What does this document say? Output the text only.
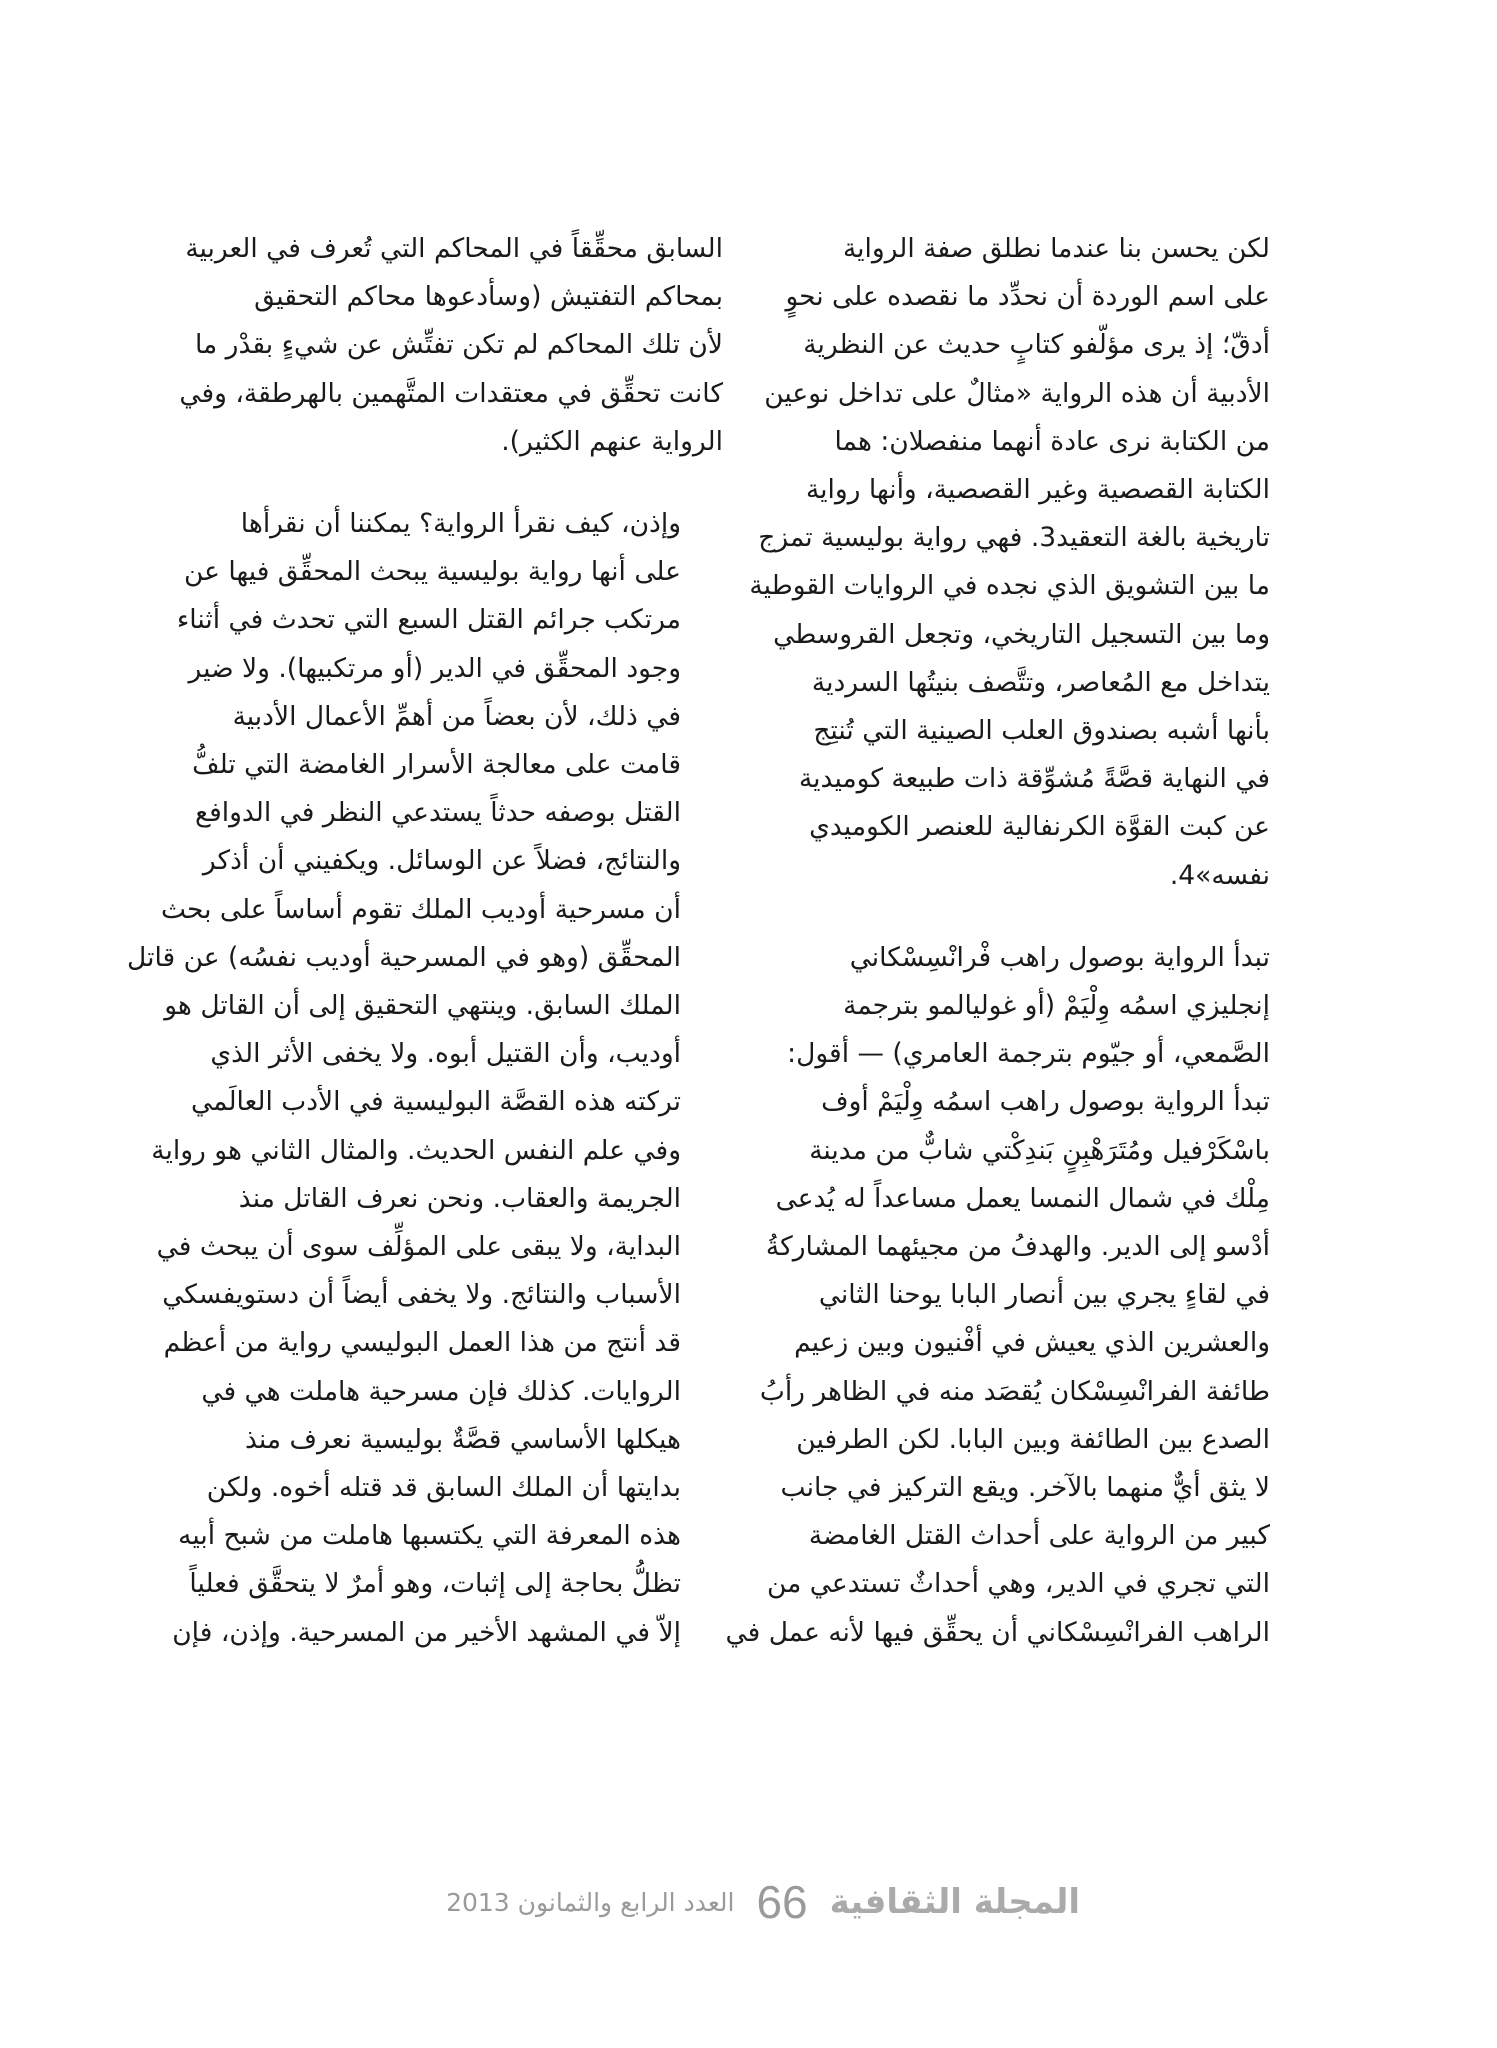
لكن يحسن بنا عندما نطلق صفة الرواية
على اسم الوردة أن نحدِّد ما نقصده على نحوٍ
أدقّ؛ إذ يرى مؤلّفو كتابٍ حديث عن النظرية
الأدبية أن هذه الرواية «مثالٌ على تداخل نوعين
من الكتابة نرى عادة أنهما منفصلان: هما
الكتابة القصصية وغير القصصية، وأنها رواية
تاريخية بالغة التعقيد3. فهي رواية بوليسية تمزج
ما بين التشويق الذي نجده في الروايات القوطية
وما بين التسجيل التاريخي، وتجعل القروسطي
يتداخل مع المُعاصر، وتتَّصف بنيتُها السردية
بأنها أشبه بصندوق العلب الصينية التي تُنتِج
في النهاية قصَّةً مُشوِّقة ذات طبيعة كوميدية
عن كبت القوَّة الكرنفالية للعنصر الكوميدي
نفسه»4.

تبدأ الرواية بوصول راهب فْرانْسِسْكاني
إنجليزي اسمُه وِلْيَمْ (أو غوليالمو بترجمة
الصَّمعي، أو جيّوم بترجمة العامري) — أقول:
تبدأ الرواية بوصول راهب اسمُه وِلْيَمْ أوف
باسْكَرْفيل ومُتَرَهْبِنٍ بَندِكْتي شابٌّ من مدينة
مِلْك في شمال النمسا يعمل مساعداً له يُدعى
أدْسو إلى الدير. والهدفُ من مجيئهما المشاركةُ
في لقاءٍ يجري بين أنصار البابا يوحنا الثاني
والعشرين الذي يعيش في أفْنيون وبين زعيم
طائفة الفرانْسِسْكان يُقصَد منه في الظاهر رأبُ
الصدع بين الطائفة وبين البابا. لكن الطرفين
لا يثق أيٌّ منهما بالآخر. ويقع التركيز في جانب
كبير من الرواية على أحداث القتل الغامضة
التي تجري في الدير، وهي أحداثٌ تستدعي من
الراهب الفرانْسِسْكاني أن يحقِّق فيها لأنه عمل في

السابق محقِّقاً في المحاكم التي تُعرف في العربية
بمحاكم التفتيش (وسأدعوها محاكم التحقيق
لأن تلك المحاكم لم تكن تفتِّش عن شيءٍ بقدْر ما
كانت تحقِّق في معتقدات المتَّهمين بالهرطقة، وفي
الرواية عنهم الكثير).

وإذن، كيف نقرأ الرواية؟ يمكننا أن نقرأها
على أنها رواية بوليسية يبحث المحقِّق فيها عن
مرتكب جرائم القتل السبع التي تحدث في أثناء
وجود المحقِّق في الدير (أو مرتكبيها). ولا ضير
في ذلك، لأن بعضاً من أهمِّ الأعمال الأدبية
قامت على معالجة الأسرار الغامضة التي تلفُّ
القتل بوصفه حدثاً يستدعي النظر في الدوافع
والنتائج، فضلاً عن الوسائل. ويكفيني أن أذكر
أن مسرحية أوديب الملك تقوم أساساً على بحث
المحقِّق (وهو في المسرحية أوديب نفسُه) عن قاتل
الملك السابق. وينتهي التحقيق إلى أن القاتل هو
أوديب، وأن القتيل أبوه. ولا يخفى الأثر الذي
تركته هذه القصَّة البوليسية في الأدب العالَمي
وفي علم النفس الحديث. والمثال الثاني هو رواية
الجريمة والعقاب. ونحن نعرف القاتل منذ
البداية، ولا يبقى على المؤلِّف سوى أن يبحث في
الأسباب والنتائج. ولا يخفى أيضاً أن دستويفسكي
قد أنتج من هذا العمل البوليسي رواية من أعظم
الروايات. كذلك فإن مسرحية هاملت هي في
هيكلها الأساسي قصَّةٌ بوليسية نعرف منذ
بدايتها أن الملك السابق قد قتله أخوه. ولكن
هذه المعرفة التي يكتسبها هاملت من شبح أبيه
تظلُّ بحاجة إلى إثبات، وهو أمرٌ لا يتحقَّق فعلياً
إلاّ في المشهد الأخير من المسرحية. وإذن، فإن

المجلة الثقافية
66
العدد الرابع والثمانون 2013
